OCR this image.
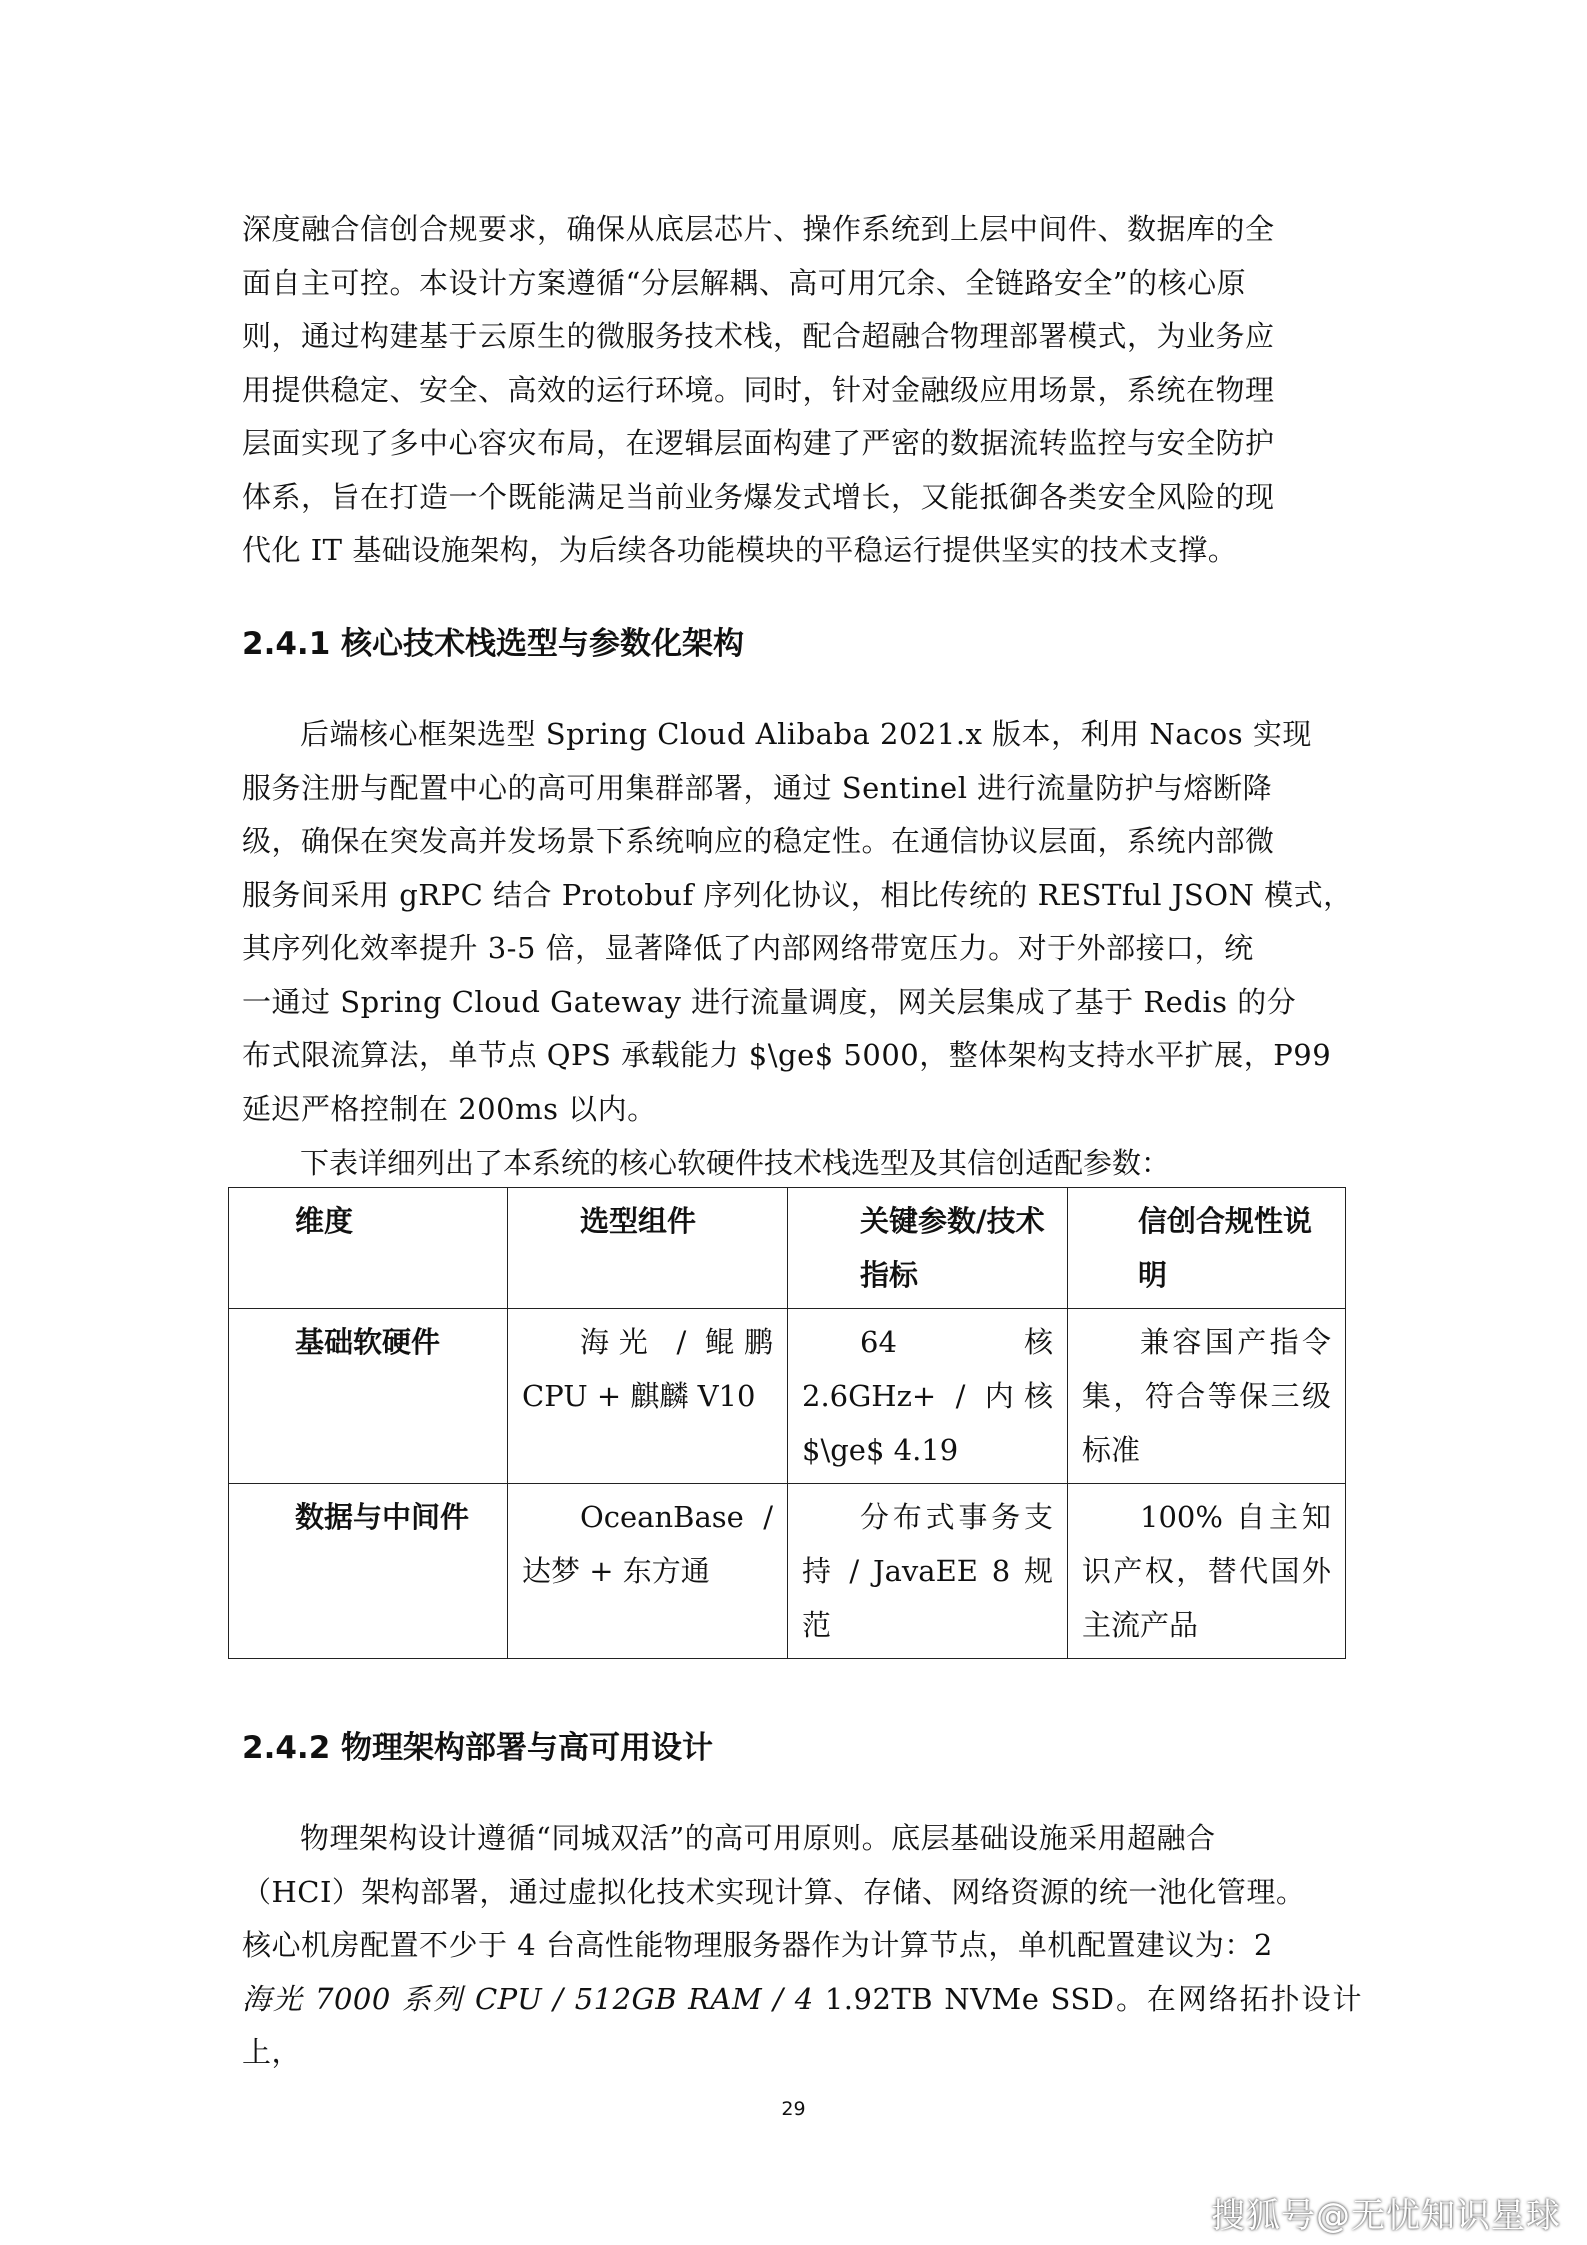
深度融合信创合规要求，确保从底层芯片、操作系统到上层中间件、数据库的全
面自主可控。本设计方案遵循“分层解耦、高可用冗余、全链路安全”的核心原
则，通过构建基于云原生的微服务技术栈，配合超融合物理部署模式，为业务应
用提供稳定、安全、高效的运行环境。同时，针对金融级应用场景，系统在物理
层面实现了多中心容灾布局，在逻辑层面构建了严密的数据流转监控与安全防护
体系，旨在打造一个既能满足当前业务爆发式增长，又能抵御各类安全风险的现
代化 IT 基础设施架构，为后续各功能模块的平稳运行提供坚实的技术支撑。
2.4.1 核心技术栈选型与参数化架构
后端核心框架选型 Spring Cloud Alibaba 2021.x 版本，利用 Nacos 实现
服务注册与配置中心的高可用集群部署，通过 Sentinel 进行流量防护与熔断降
级，确保在突发高并发场景下系统响应的稳定性。在通信协议层面，系统内部微
服务间采用 gRPC 结合 Protobuf 序列化协议，相比传统的 RESTful JSON 模式，
其序列化效率提升 3-5 倍，显著降低了内部网络带宽压力。对于外部接口，统
一通过 Spring Cloud Gateway 进行流量调度，网关层集成了基于 Redis 的分
布式限流算法，单节点 QPS 承载能力 $\ge$ 5000，整体架构支持水平扩展，P99
延迟严格控制在 200ms 以内。
下表详细列出了本系统的核心软硬件技术栈选型及其信创适配参数：
维度	选型组件	关键参数/技术指标	信创合规性说明
基础软硬件	海光 / 鲲鹏 CPU + 麒麟 V10	64 核 2.6GHz+ / 内核 $\ge$ 4.19	兼容国产指令集，符合等保三级标准
数据与中间件	OceanBase / 达梦 + 东方通	分布式事务支持 / JavaEE 8 规范	100% 自主知识产权，替代国外主流产品
2.4.2 物理架构部署与高可用设计
物理架构设计遵循“同城双活”的高可用原则。底层基础设施采用超融合
（HCI）架构部署，通过虚拟化技术实现计算、存储、网络资源的统一池化管理。
核心机房配置不少于 4 台高性能物理服务器作为计算节点，单机配置建议为：2
海光 7000 系列 CPU / 512GB RAM / 4 1.92TB NVMe SSD。在网络拓扑设计上，
29
搜狐号@无忧知识星球
